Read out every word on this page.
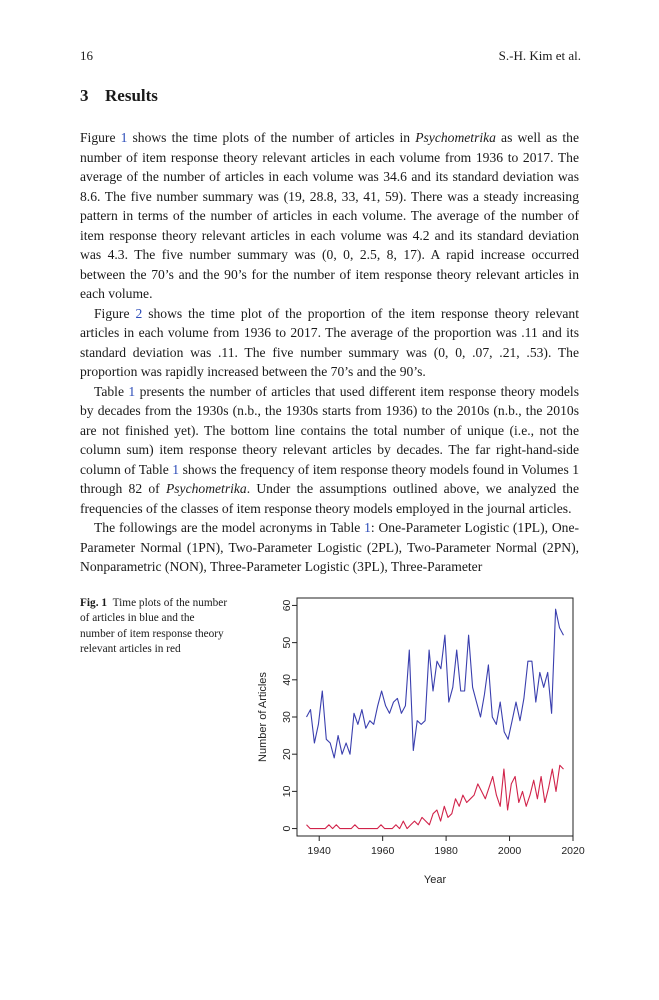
16	S.-H. Kim et al.
3 Results

Figure 1 shows the time plots of the number of articles in Psychometrika as well as the number of item response theory relevant articles in each volume from 1936 to 2017. The average of the number of articles in each volume was 34.6 and its standard deviation was 8.6. The five number summary was (19, 28.8, 33, 41, 59). There was a steady increasing pattern in terms of the number of articles in each volume. The average of the number of item response theory relevant articles in each volume was 4.2 and its standard deviation was 4.3. The five number summary was (0, 0, 2.5, 8, 17). A rapid increase occurred between the 70’s and the 90’s for the number of item response theory relevant articles in each volume.

Figure 2 shows the time plot of the proportion of the item response theory relevant articles in each volume from 1936 to 2017. The average of the proportion was .11 and its standard deviation was .11. The five number summary was (0, 0, .07, .21, .53). The proportion was rapidly increased between the 70’s and the 90’s.

Table 1 presents the number of articles that used different item response theory models by decades from the 1930s (n.b., the 1930s starts from 1936) to the 2010s (n.b., the 2010s are not finished yet). The bottom line contains the total number of unique (i.e., not the column sum) item response theory relevant articles by decades. The far right-hand-side column of Table 1 shows the frequency of item response theory models found in Volumes 1 through 82 of Psychometrika. Under the assumptions outlined above, we analyzed the frequencies of the classes of item response theory models employed in the journal articles.

The followings are the model acronyms in Table 1: One-Parameter Logistic (1PL), One-Parameter Normal (1PN), Two-Parameter Logistic (2PL), Two-Parameter Normal (2PN), Nonparametric (NON), Three-Parameter Logistic (3PL), Three-Parameter

Fig. 1 Time plots of the number of articles in blue and the number of item response theory relevant articles in red
1940	1960	1980	2000	2020
0
10
20
30
40
50
60
Year
Number of Articles
